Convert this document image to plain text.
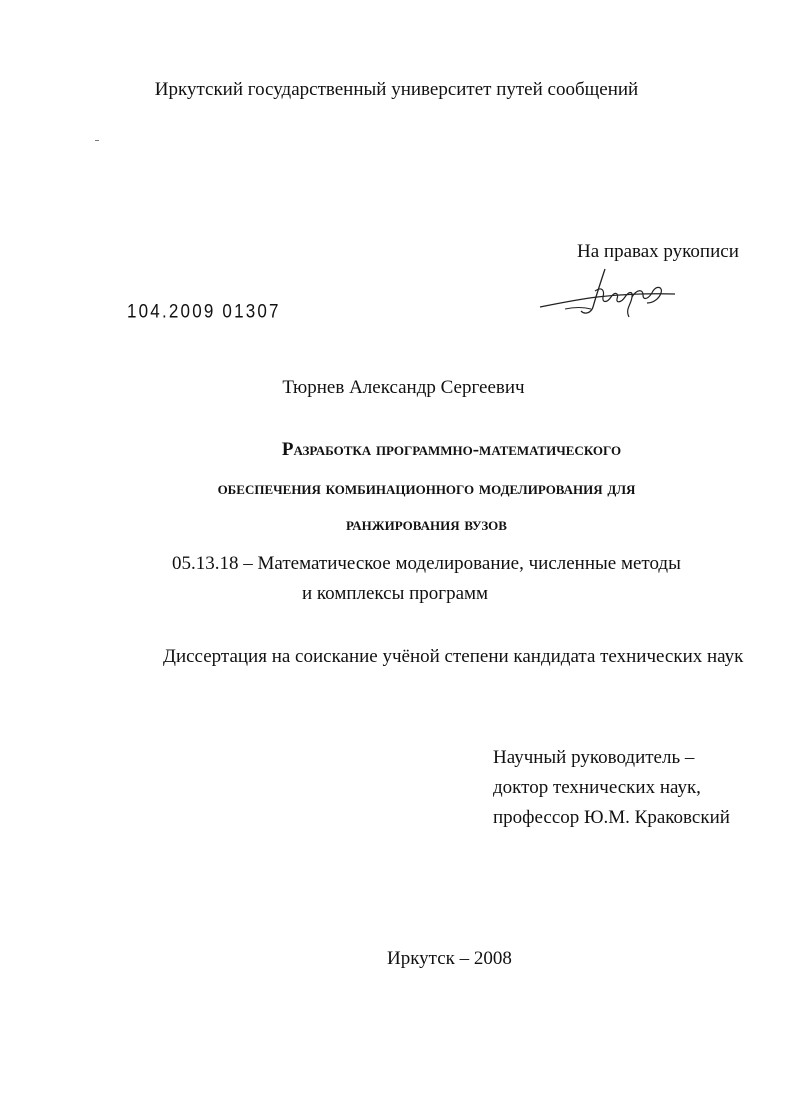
Иркутский государственный университет путей сообщений
На правах рукописи
104.2009 01307
Тюрнев Александр Сергеевич
Разработка программно-математического
обеспечения комбинационного моделирования для
ранжирования вузов
05.13.18 – Математическое моделирование, численные методы
и комплексы программ
Диссертация на соискание учёной степени кандидата технических наук
Научный руководитель –
доктор технических наук,
профессор Ю.М. Краковский
Иркутск – 2008
